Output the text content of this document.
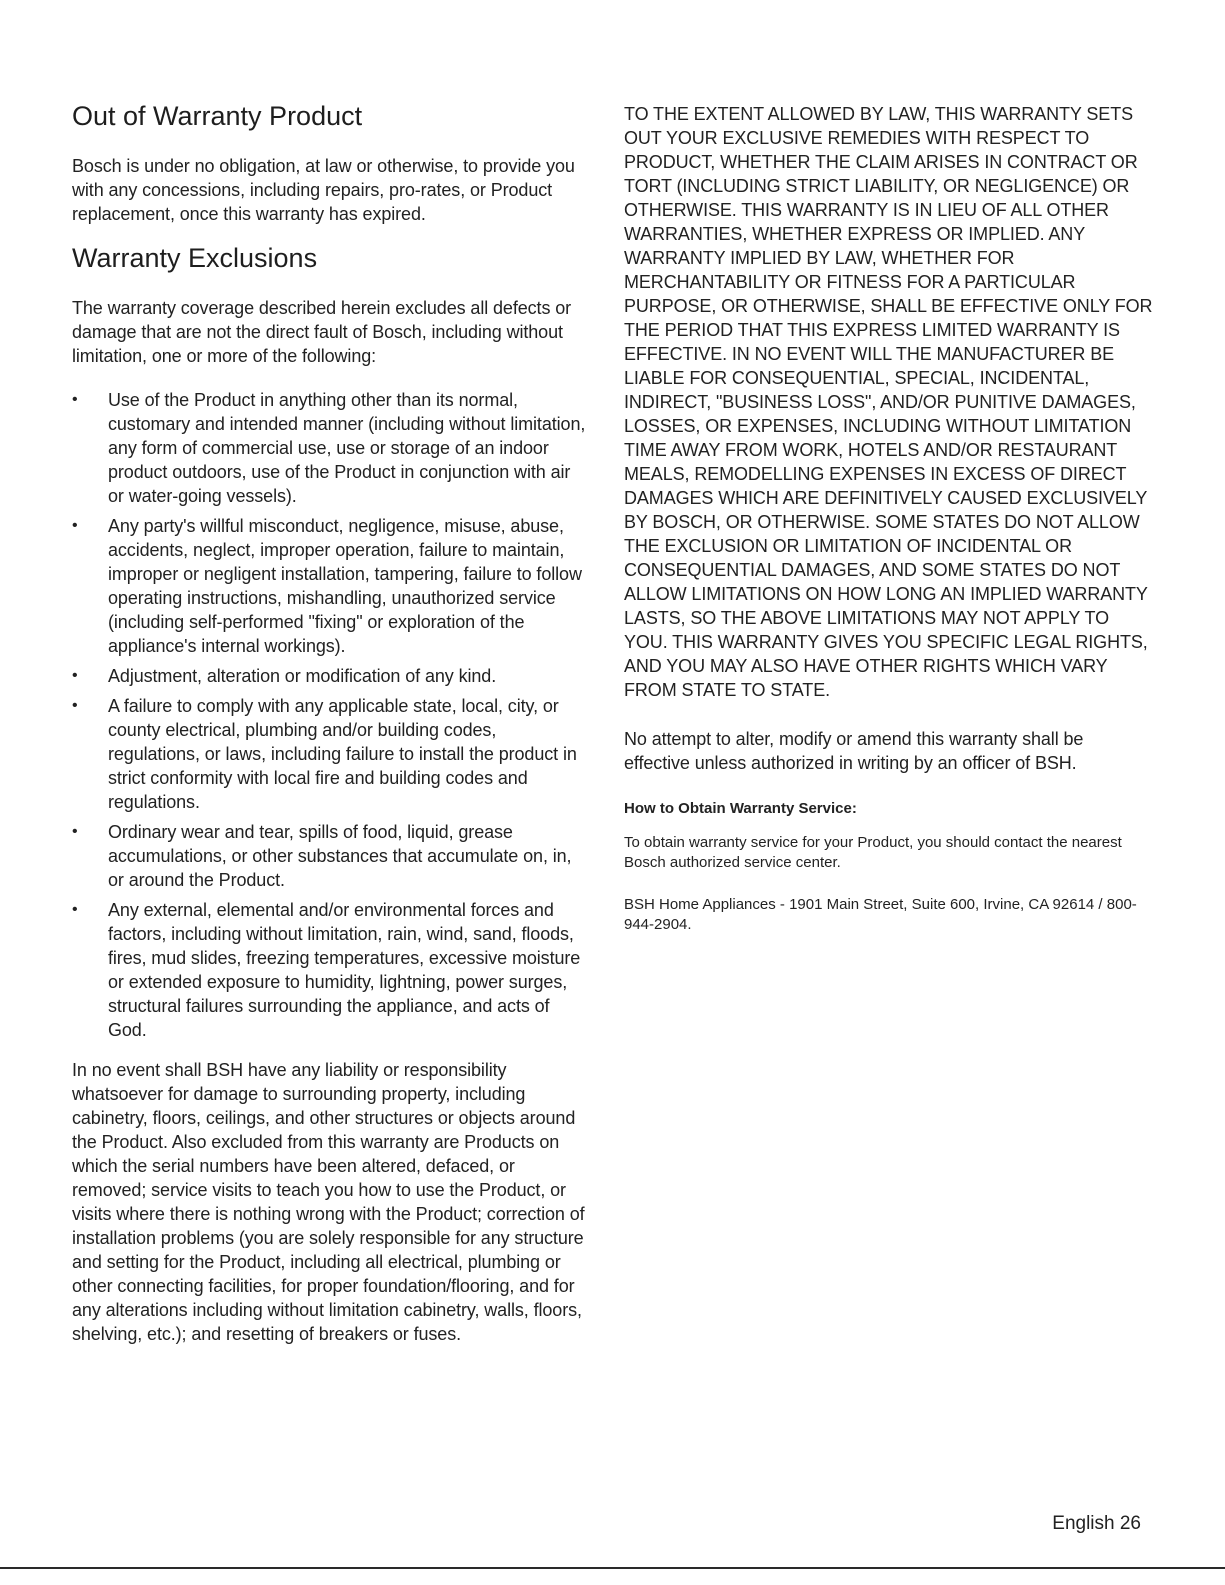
Out of Warranty Product

Bosch is under no obligation, at law or otherwise, to provide you with any concessions, including repairs, pro-rates, or Product replacement, once this warranty has expired.

Warranty Exclusions

The warranty coverage described herein excludes all defects or damage that are not the direct fault of Bosch, including without limitation, one or more of the following:

• Use of the Product in anything other than its normal, customary and intended manner (including without limitation, any form of commercial use, use or storage of an indoor product outdoors, use of the Product in conjunction with air or water-going vessels).
• Any party's willful misconduct, negligence, misuse, abuse, accidents, neglect, improper operation, failure to maintain, improper or negligent installation, tampering, failure to follow operating instructions, mishandling, unauthorized service (including self-performed "fixing" or exploration of the appliance's internal workings).
• Adjustment, alteration or modification of any kind.
• A failure to comply with any applicable state, local, city, or county electrical, plumbing and/or building codes, regulations, or laws, including failure to install the product in strict conformity with local fire and building codes and regulations.
• Ordinary wear and tear, spills of food, liquid, grease accumulations, or other substances that accumulate on, in, or around the Product.
• Any external, elemental and/or environmental forces and factors, including without limitation, rain, wind, sand, floods, fires, mud slides, freezing temperatures, excessive moisture or extended exposure to humidity, lightning, power surges, structural failures surrounding the appliance, and acts of God.

In no event shall BSH have any liability or responsibility whatsoever for damage to surrounding property, including cabinetry, floors, ceilings, and other structures or objects around the Product. Also excluded from this warranty are Products on which the serial numbers have been altered, defaced, or removed; service visits to teach you how to use the Product, or visits where there is nothing wrong with the Product; correction of installation problems (you are solely responsible for any structure and setting for the Product, including all electrical, plumbing or other connecting facilities, for proper foundation/flooring, and for any alterations including without limitation cabinetry, walls, floors, shelving, etc.); and resetting of breakers or fuses.

TO THE EXTENT ALLOWED BY LAW, THIS WARRANTY SETS OUT YOUR EXCLUSIVE REMEDIES WITH RESPECT TO PRODUCT, WHETHER THE CLAIM ARISES IN CONTRACT OR TORT (INCLUDING STRICT LIABILITY, OR NEGLIGENCE) OR OTHERWISE. THIS WARRANTY IS IN LIEU OF ALL OTHER WARRANTIES, WHETHER EXPRESS OR IMPLIED. ANY WARRANTY IMPLIED BY LAW, WHETHER FOR MERCHANTABILITY OR FITNESS FOR A PARTICULAR PURPOSE, OR OTHERWISE, SHALL BE EFFECTIVE ONLY FOR THE PERIOD THAT THIS EXPRESS LIMITED WARRANTY IS EFFECTIVE. IN NO EVENT WILL THE MANUFACTURER BE LIABLE FOR CONSEQUENTIAL, SPECIAL, INCIDENTAL, INDIRECT, "BUSINESS LOSS", AND/OR PUNITIVE DAMAGES, LOSSES, OR EXPENSES, INCLUDING WITHOUT LIMITATION TIME AWAY FROM WORK, HOTELS AND/OR RESTAURANT MEALS, REMODELLING EXPENSES IN EXCESS OF DIRECT DAMAGES WHICH ARE DEFINITIVELY CAUSED EXCLUSIVELY BY BOSCH, OR OTHERWISE. SOME STATES DO NOT ALLOW THE EXCLUSION OR LIMITATION OF INCIDENTAL OR CONSEQUENTIAL DAMAGES, AND SOME STATES DO NOT ALLOW LIMITATIONS ON HOW LONG AN IMPLIED WARRANTY LASTS, SO THE ABOVE LIMITATIONS MAY NOT APPLY TO YOU. THIS WARRANTY GIVES YOU SPECIFIC LEGAL RIGHTS, AND YOU MAY ALSO HAVE OTHER RIGHTS WHICH VARY FROM STATE TO STATE.

No attempt to alter, modify or amend this warranty shall be effective unless authorized in writing by an officer of BSH.

How to Obtain Warranty Service:

To obtain warranty service for your Product, you should contact the nearest Bosch authorized service center.

BSH Home Appliances - 1901 Main Street, Suite 600, Irvine, CA 92614 / 800-944-2904.

English 26
